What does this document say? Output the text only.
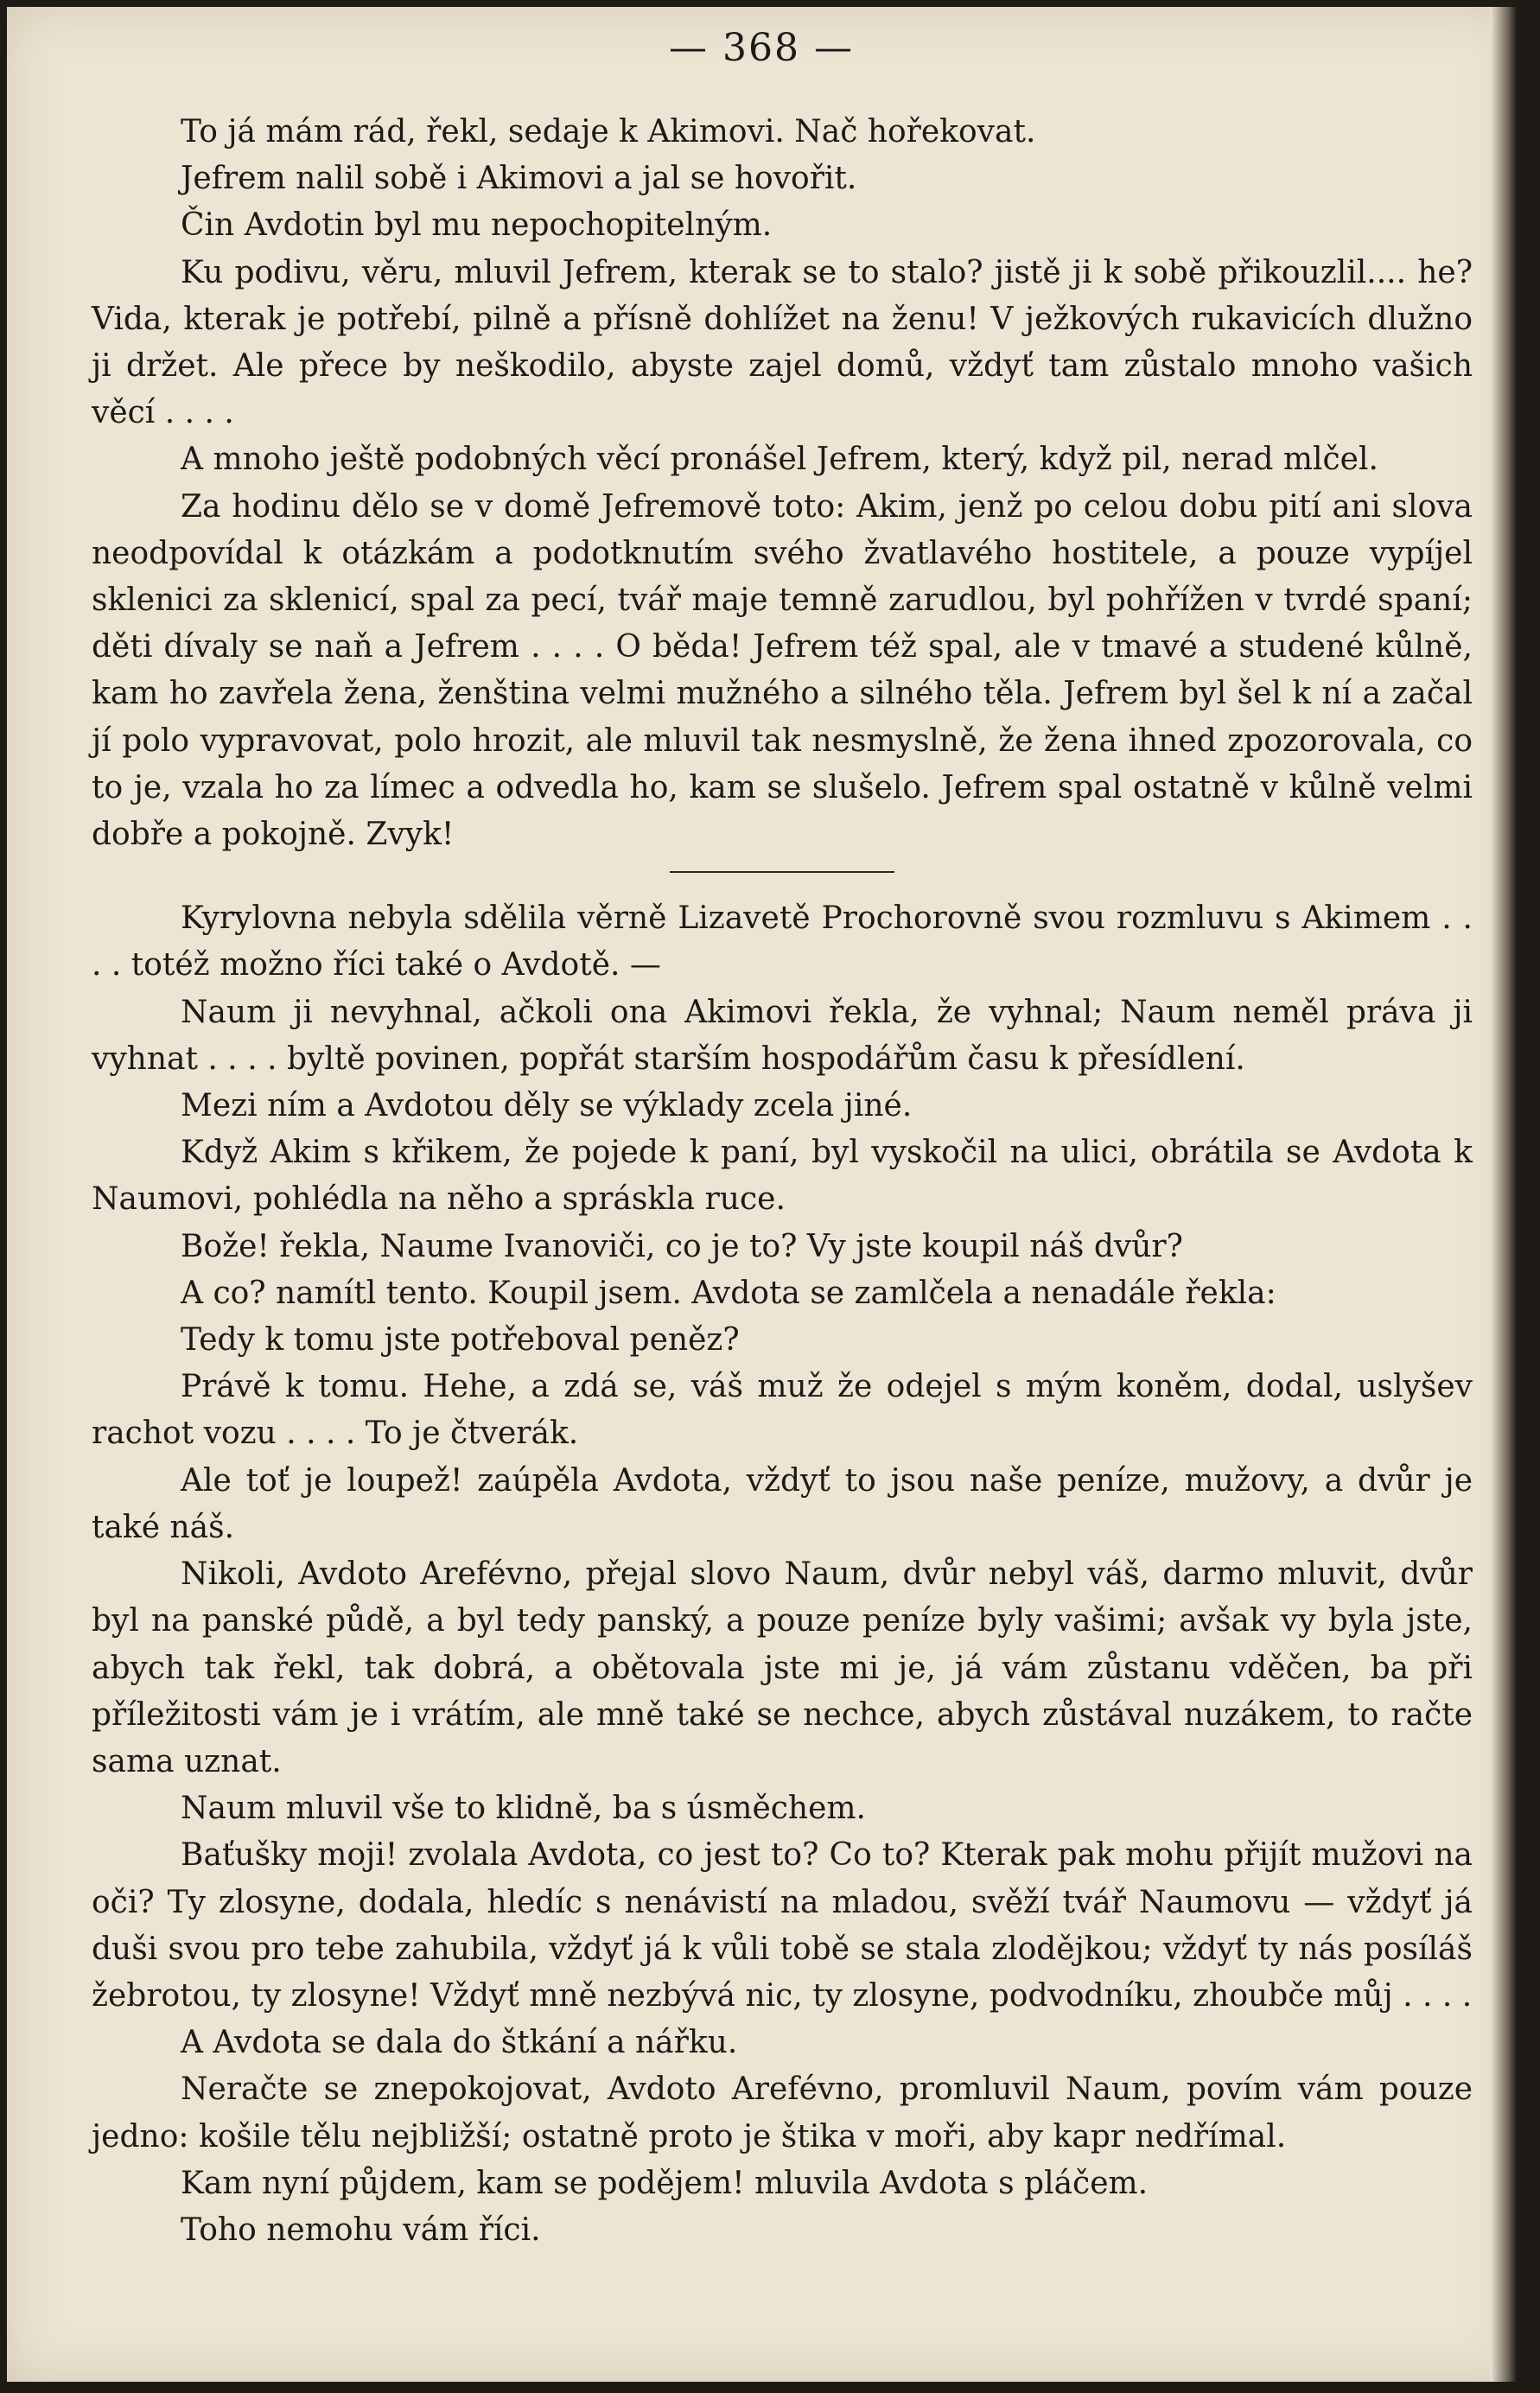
— 368 —

To já mám rád, řekl, sedaje k Akimovi. Nač hořekovat.

Jefrem nalil sobě i Akimovi a jal se hovořit.

Čin Avdotin byl mu nepochopitelným.

Ku podivu, věru, mluvil Jefrem, kterak se to stalo? jistě ji k sobě přikouzlil.... he? Vida, kterak je potřebí, pilně a přísně dohlížet na ženu! V ježkových rukavicích dlužno ji držet. Ale přece by neškodilo, abyste zajel domů, vždyť tam zůstalo mnoho vašich věcí . . . .

A mnoho ještě podobných věcí pronášel Jefrem, který, když pil, nerad mlčel.

Za hodinu dělo se v domě Jefremově toto: Akim, jenž po celou dobu pití ani slova neodpovídal k otázkám a podotknutím svého žvatlavého hostitele, a pouze vypíjel sklenici za sklenicí, spal za pecí, tvář maje temně zarudlou, byl pohřížen v tvrdé spaní; děti dívaly se naň a Jefrem . . . . O běda! Jefrem též spal, ale v tmavé a studené kůlně, kam ho zavřela žena, ženština velmi mužného a silného těla. Jefrem byl šel k ní a začal jí polo vypravovat, polo hrozit, ale mluvil tak nesmyslně, že žena ihned zpozorovala, co to je, vzala ho za límec a odvedla ho, kam se slušelo. Jefrem spal ostatně v kůlně velmi dobře a pokojně. Zvyk!

Kyrylovna nebyla sdělila věrně Lizavetě Prochorovně svou rozmluvu s Akimem . . . . totéž možno říci také o Avdotě. —

Naum ji nevyhnal, ačkoli ona Akimovi řekla, že vyhnal; Naum neměl práva ji vyhnat . . . . byltě povinen, popřát starším hospodářům času k přesídlení.

Mezi ním a Avdotou děly se výklady zcela jiné.

Když Akim s křikem, že pojede k paní, byl vyskočil na ulici, obrátila se Avdota k Naumovi, pohlédla na něho a spráskla ruce.

Bože! řekla, Naume Ivanoviči, co je to? Vy jste koupil náš dvůr?

A co? namítl tento. Koupil jsem. Avdota se zamlčela a nenadále řekla:

Tedy k tomu jste potřeboval peněz?

Právě k tomu. Hehe, a zdá se, váš muž že odejel s mým koněm, dodal, uslyšev rachot vozu . . . . To je čtverák.

Ale toť je loupež! zaúpěla Avdota, vždyť to jsou naše peníze, mužovy, a dvůr je také náš.

Nikoli, Avdoto Arefévno, přejal slovo Naum, dvůr nebyl váš, darmo mluvit, dvůr byl na panské půdě, a byl tedy panský, a pouze peníze byly vašimi; avšak vy byla jste, abych tak řekl, tak dobrá, a obětovala jste mi je, já vám zůstanu vděčen, ba při příležitosti vám je i vrátím, ale mně také se nechce, abych zůstával nuzákem, to račte sama uznat.

Naum mluvil vše to klidně, ba s úsměchem.

Baťušky moji! zvolala Avdota, co jest to? Co to? Kterak pak mohu přijít mužovi na oči? Ty zlosyne, dodala, hledíc s nenávistí na mladou, svěží tvář Naumovu — vždyť já duši svou pro tebe zahubila, vždyť já k vůli tobě se stala zlodějkou; vždyť ty nás posíláš žebrotou, ty zlosyne! Vždyť mně nezbývá nic, ty zlosyne, podvodníku, zhoubče můj . . . .

A Avdota se dala do štkání a nářku.

Neračte se znepokojovat, Avdoto Arefévno, promluvil Naum, povím vám pouze jedno: košile tělu nejbližší; ostatně proto je štika v moři, aby kapr nedřímal.

Kam nyní půjdem, kam se podějem! mluvila Avdota s pláčem.

Toho nemohu vám říci.
